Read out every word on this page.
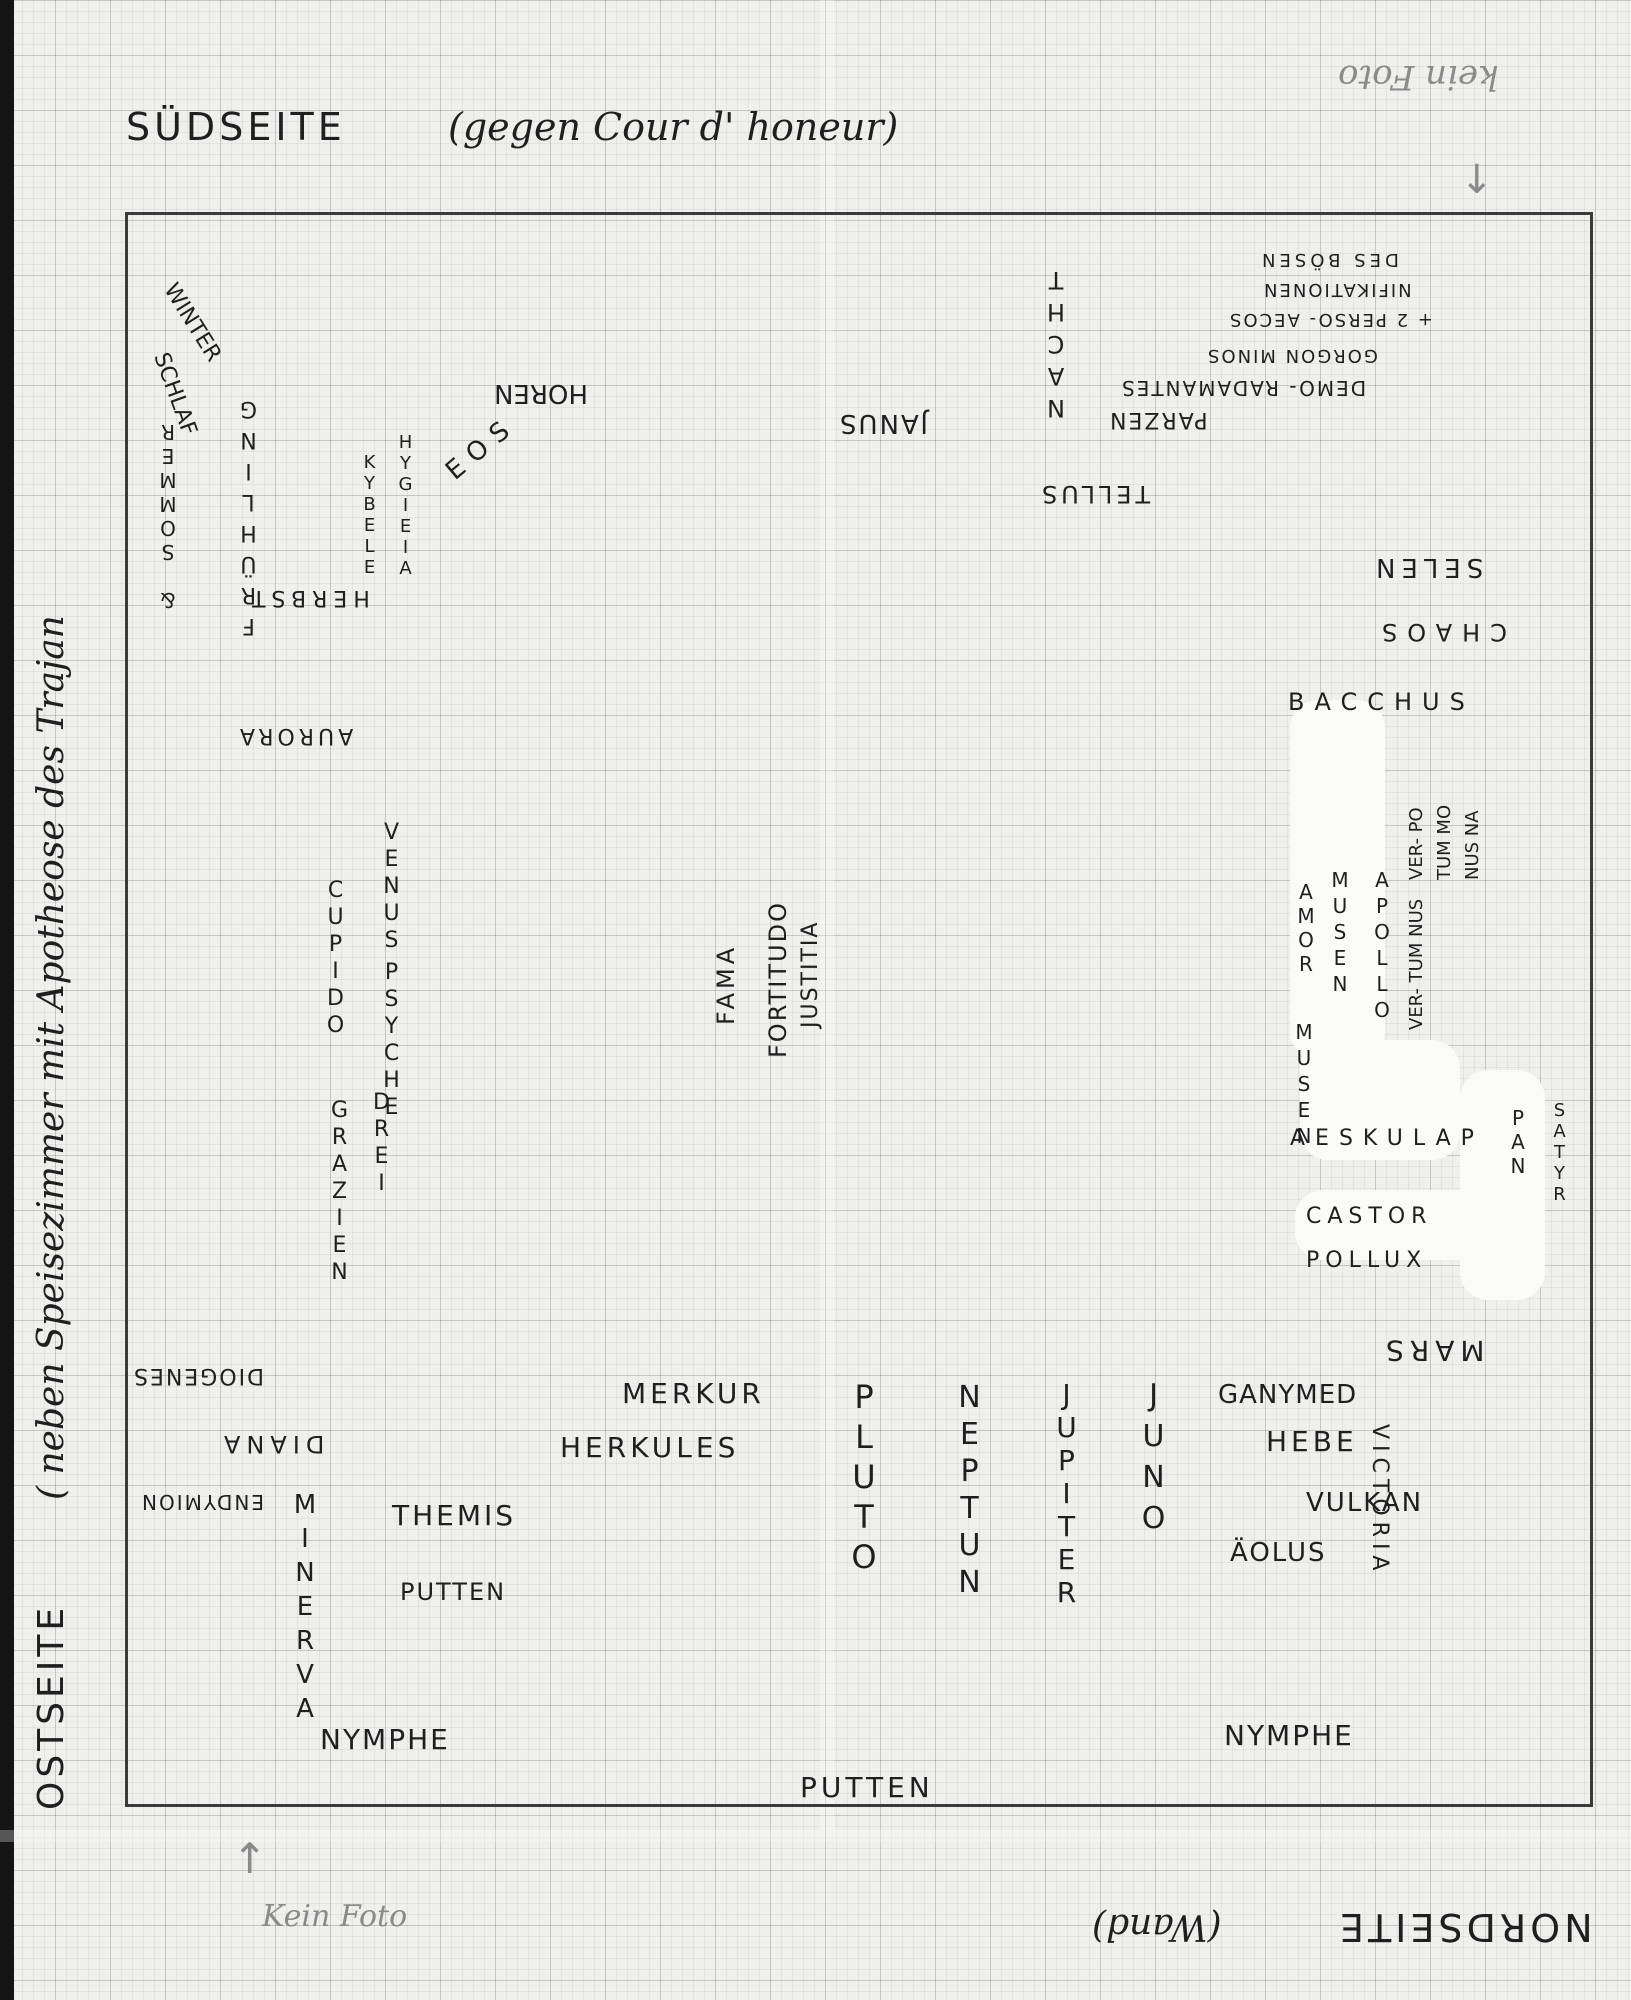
SÜDSEITE	(gegen Cour d' honeur)
kein Foto
↓
OSTSEITE
( neben Speisezimmer mit Apotheose des Trajan
NORDSEITE
(Wand)
↑
Kein Foto
WINTER
SCHLAF FRÜHLING
& SOMMER	HYGIEIA
KYBELE
HOREN
EOS
HERBST
JANUS
NACHT PARZEN
TELLUS
DEMO- RADAMANTES
GORGON MINOS
+ 2 PERSO- AECOS
NIFIKATIONEN
DES BÖSEN
SELEN
CHAOS
BACCHUS
AURORA
VENUS
CUPIDO
PSYCHE
DREI
GRAZIEN
FAMA FORTITUDO JUSTITIA	MUSEN APOLLO
AMOR
VER- PO TUM MO NUS NA
VER- TUM NUS
MUSEN
AESKULAP PAN SATYR
CASTOR
POLLUX
MARS
DIOGENES
DIANA
ENDYMION MINERVA	THEMIS
PUTTEN
NYMPHE
MERKUR
HERKULES	PLUTO NEPTUN JUPITER JUNO GANYMED
HEBE VICTORIA
VULKAN
ÄOLUS
NYMPHE
PUTTEN
